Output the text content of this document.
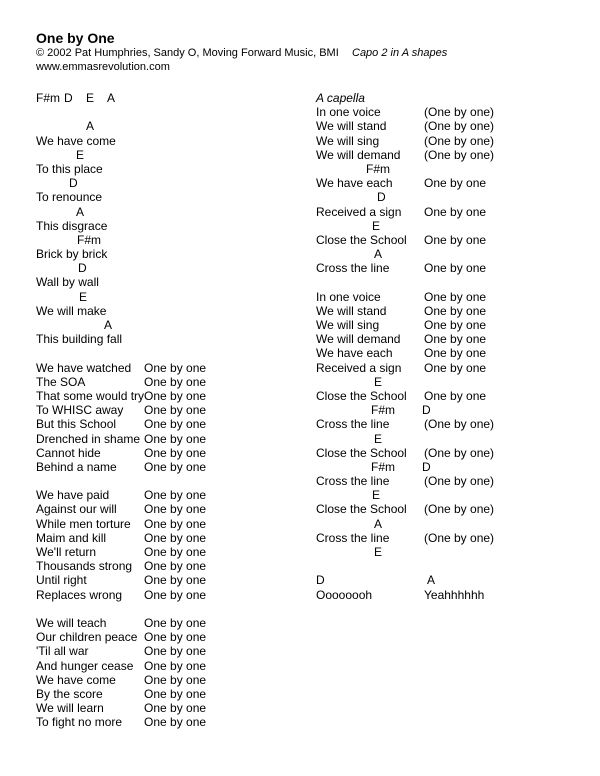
One by One
© 2002 Pat Humphries, Sandy O, Moving Forward Music, BMI Capo 2 in A shapes
www.emmasrevolution.com
F#m D E A
A
We have come
E
To this place
D
To renounce
A
This disgrace
F#m
Brick by brick
D
Wall by wall
E
We will make
A
This building fall
We have watched One by one
The SOA	One by one
That some would try One by one
To WHISC away One by one
But this School One by one
Drenched in shame One by one
Cannot hide	One by one
Behind a name One by one
We have paid	One by one
Against our will One by one
While men torture One by one
Maim and kill	One by one
We'll return	One by one
Thousands strong One by one
Until right	One by one
Replaces wrong One by one
We will teach	One by one
Our children peace One by one
'Til all war	One by one
And hunger cease One by one
We have come One by one
By the score	One by one
We will learn	One by one
To fight no more One by one
A capella
In one voice	(One by one)
We will stand	(One by one)
We will sing	(One by one)
We will demand (One by one)
F#m
We have each	One by one
D
Received a sign One by one
E
Close the School One by one
A
Cross the line	One by one
In one voice	One by one
We will stand	One by one
We will sing	One by one
We will demand One by one
We have each	One by one
Received a sign One by one
E
Close the School One by one
F#m D
Cross the line	(One by one)
E
Close the School (One by one)
F#m D
Cross the line	(One by one)
E
Close the School (One by one)
A
Cross the line	(One by one)
E
D	A
Oooooooh	Yeahhhhhh
